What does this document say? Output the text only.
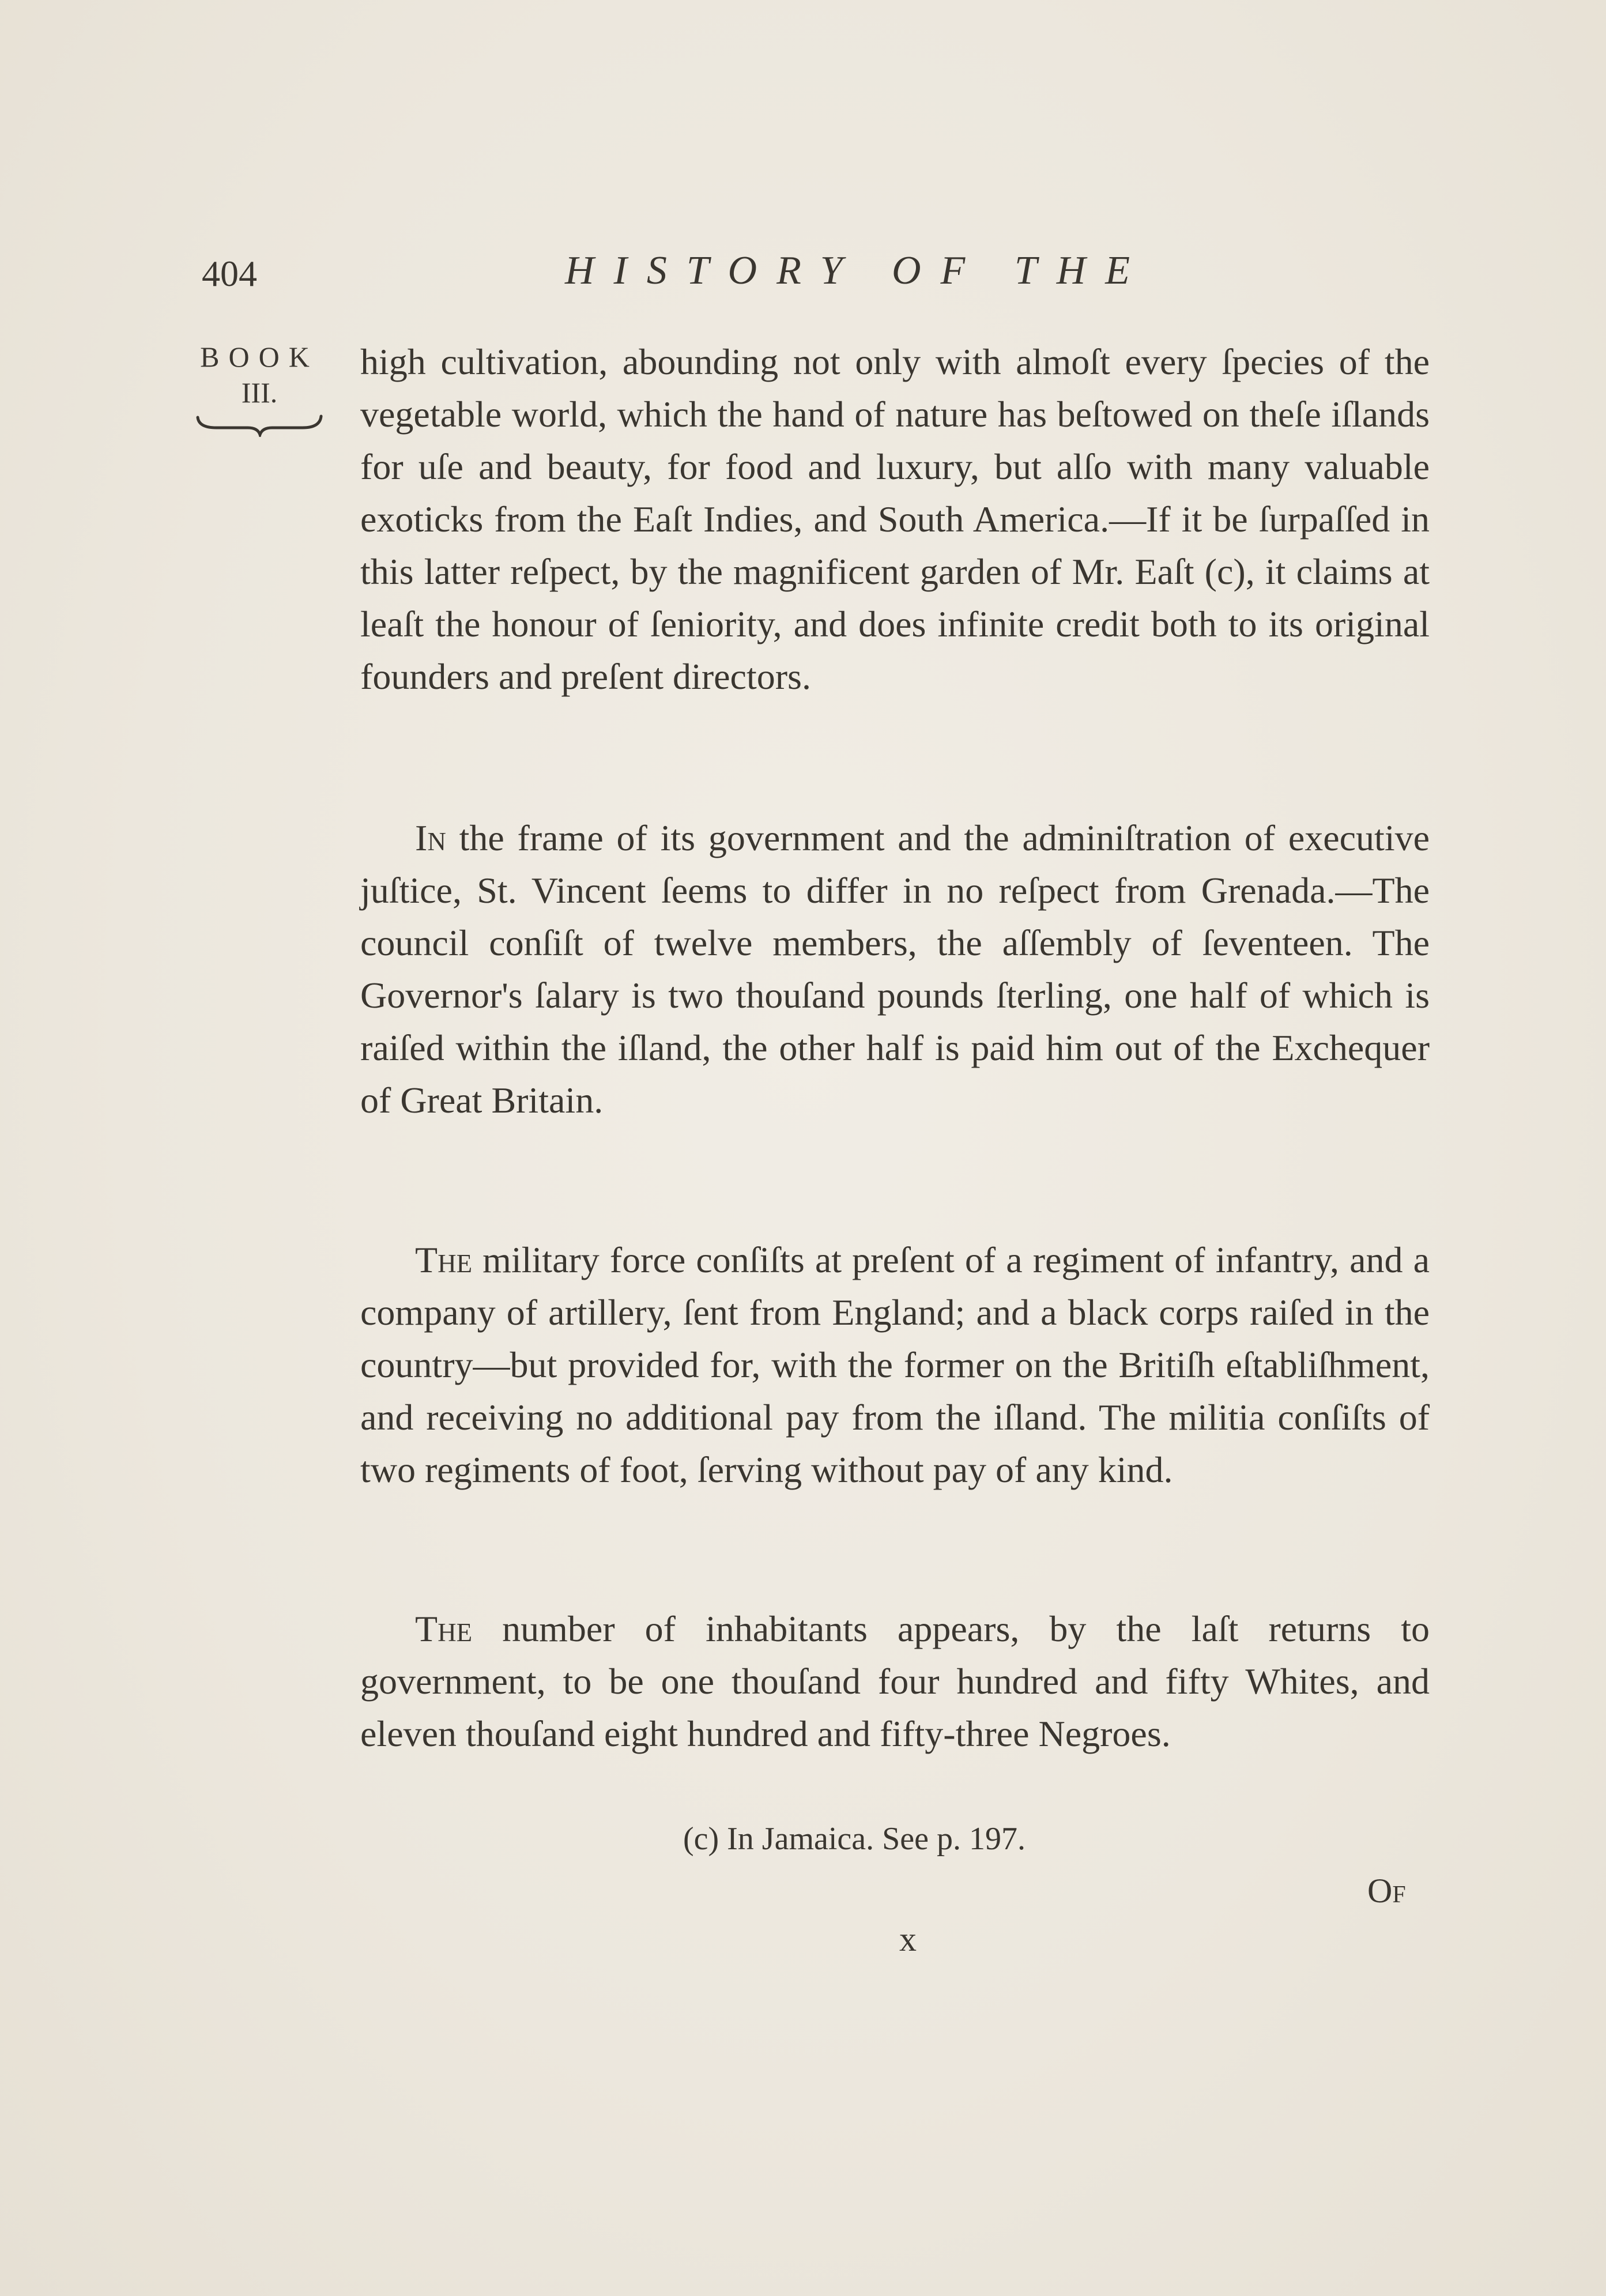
404	HISTORY OF THE
BOOK
III.
high cultivation, abounding not only with almoſt every ſpecies of the vegetable world, which the hand of nature has beſtowed on theſe iſlands for uſe and beauty, for food and luxury, but alſo with many valuable exoticks from the Eaſt Indies, and South America.—If it be ſurpaſſed in this latter reſpect, by the magnificent garden of Mr. Eaſt (c), it claims at leaſt the honour of ſeniority, and does infinite credit both to its original founders and preſent directors.
In the frame of its government and the adminiſtration of executive juſtice, St. Vincent ſeems to differ in no reſpect from Grenada.—The council conſiſt of twelve members, the aſſembly of ſeventeen. The Governor's ſalary is two thouſand pounds ſterling, one half of which is raiſed within the iſland, the other half is paid him out of the Exchequer of Great Britain.
The military force conſiſts at preſent of a regiment of infantry, and a company of artillery, ſent from England; and a black corps raiſed in the country—but provided for, with the former on the Britiſh eſtabliſhment, and receiving no additional pay from the iſland. The militia conſiſts of two regiments of foot, ſerving without pay of any kind.
The number of inhabitants appears, by the laſt returns to government, to be one thouſand four hundred and fifty Whites, and eleven thouſand eight hundred and fifty-three Negroes.
(c) In Jamaica. See p. 197.
Of
x
